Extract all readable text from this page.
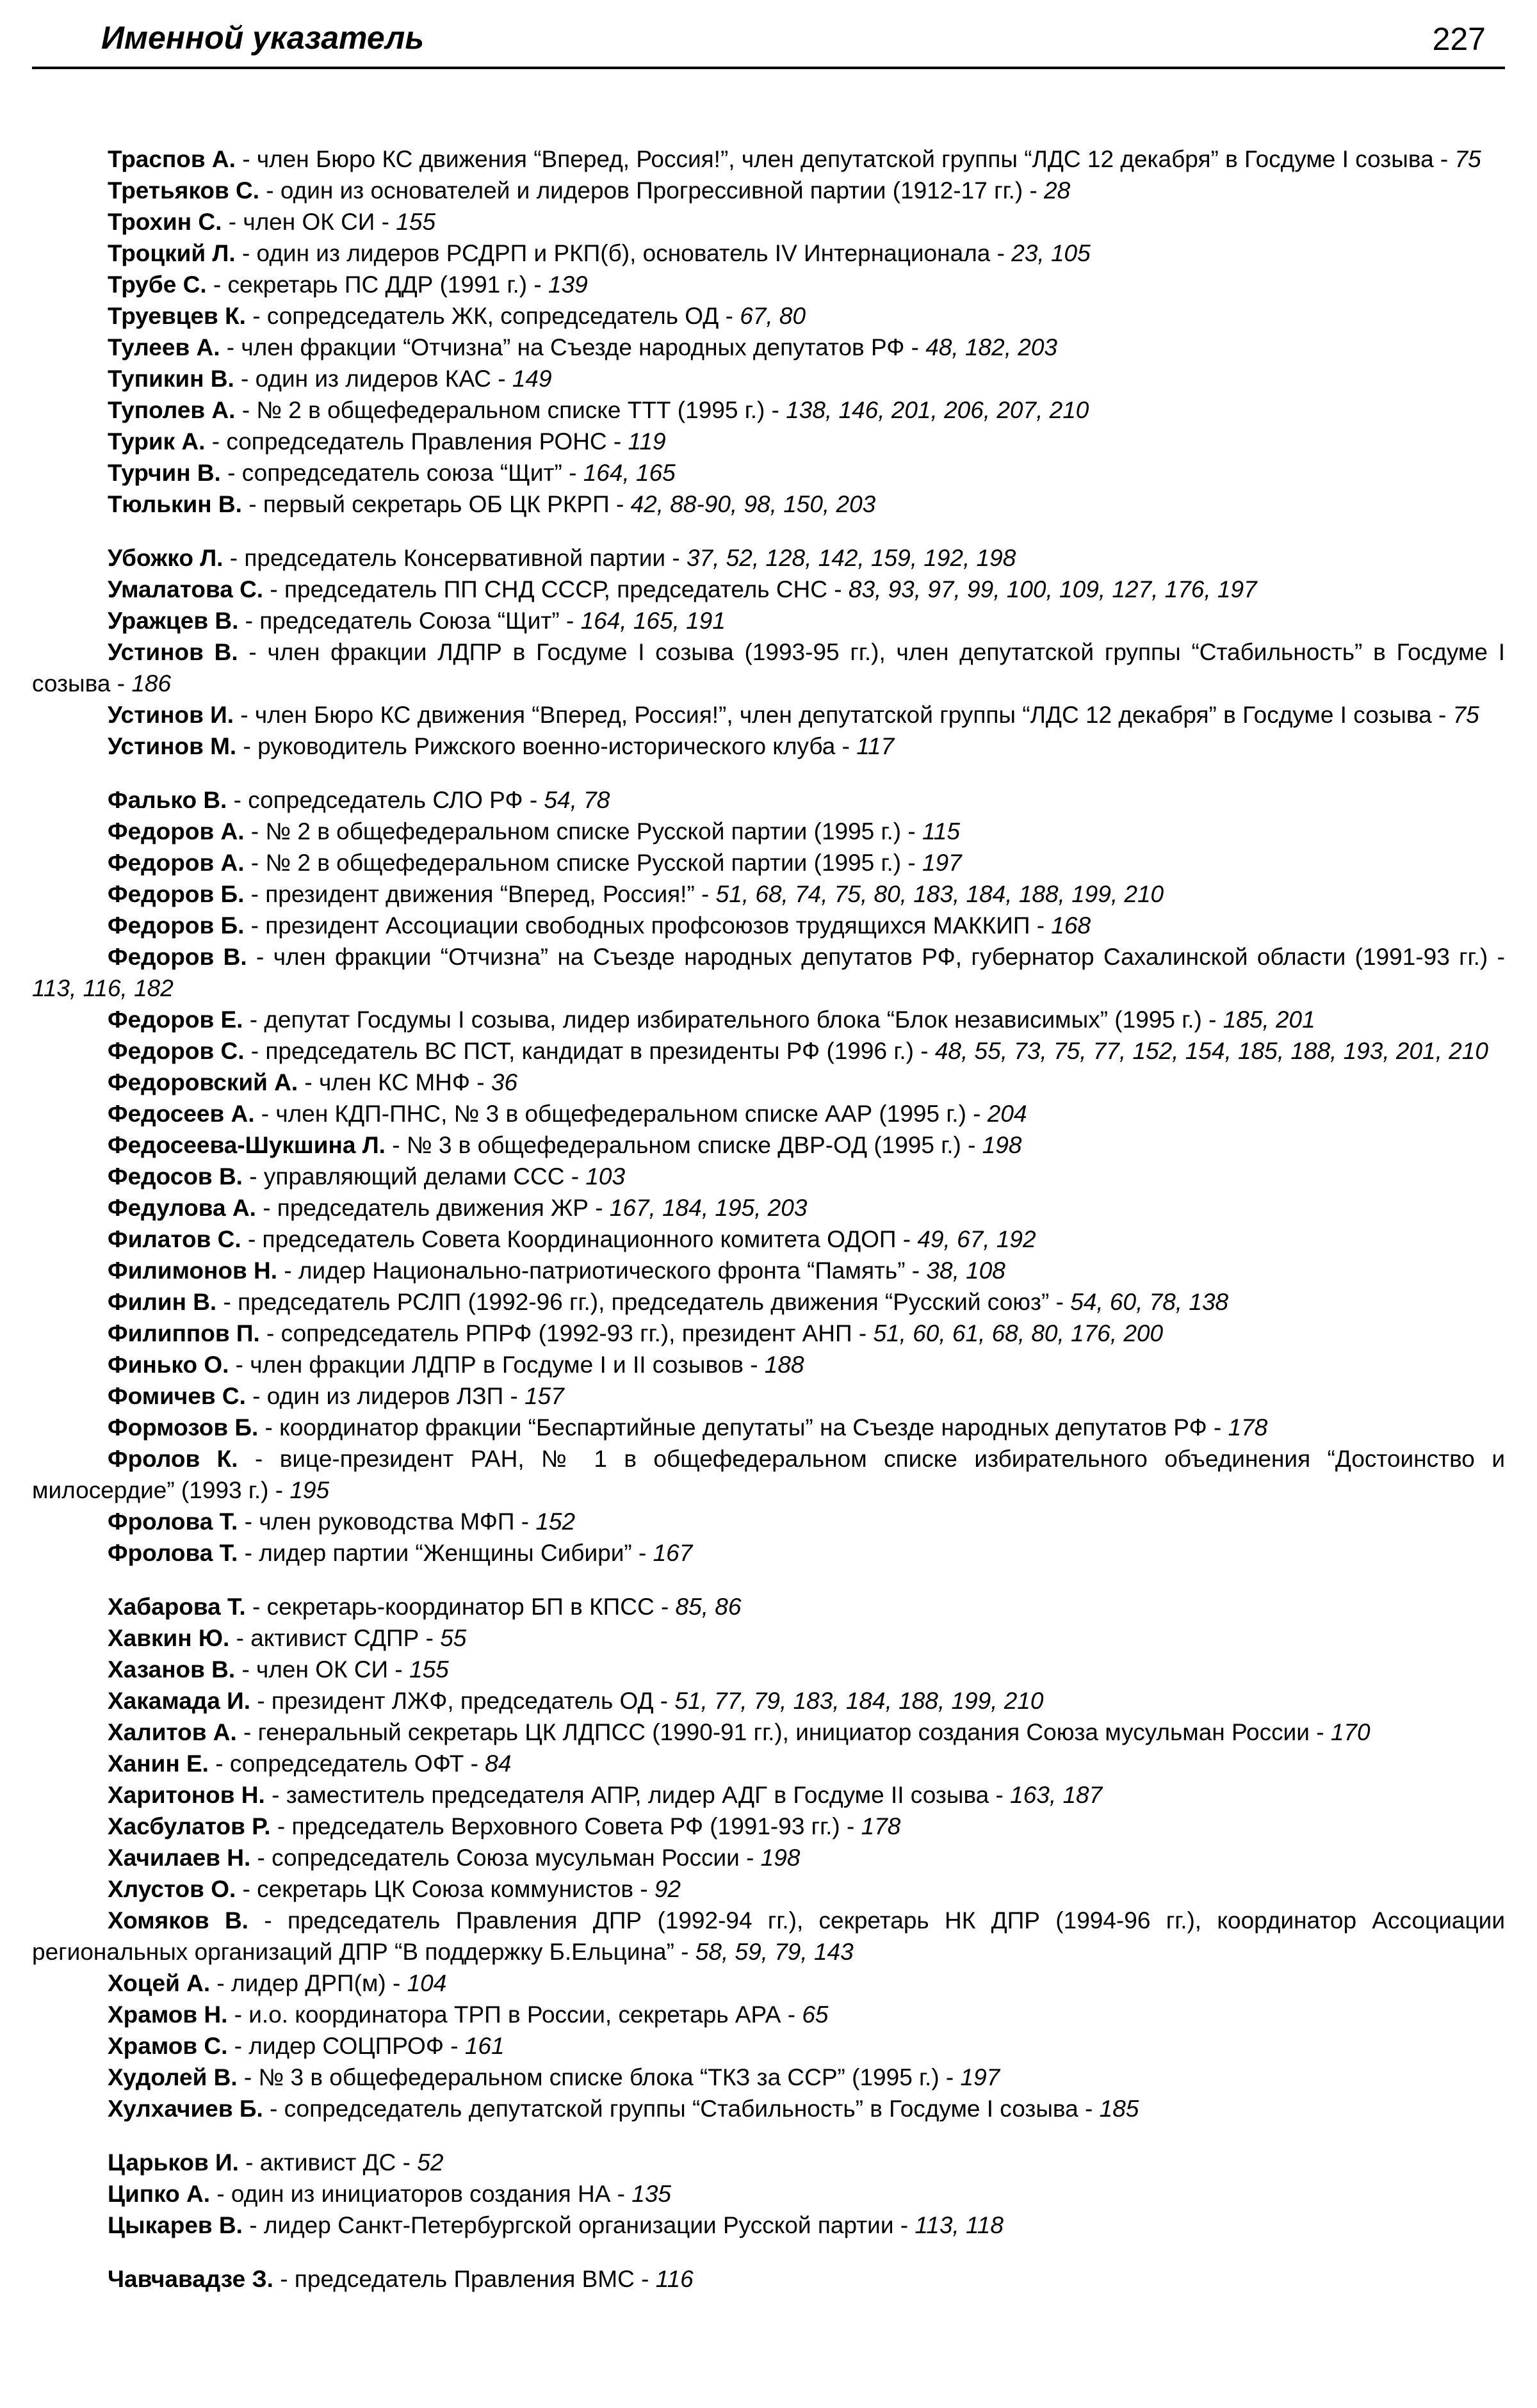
Именной указатель	227

Траспов А. - член Бюро КС движения “Вперед, Россия!”, член депутатской группы “ЛДС 12 декабря” в Госдуме I созыва - 75

Третьяков С. - один из основателей и лидеров Прогрессивной партии (1912-17 гг.) - 28

Трохин С. - член ОК СИ - 155

Троцкий Л. - один из лидеров РСДРП и РКП(б), основатель IV Интернационала - 23, 105

Трубе С. - секретарь ПС ДДР (1991 г.) - 139

Труевцев К. - сопредседатель ЖК, сопредседатель ОД - 67, 80

Тулеев А. - член фракции “Отчизна” на Съезде народных депутатов РФ - 48, 182, 203

Тупикин В. - один из лидеров КАС - 149

Туполев А. - № 2 в общефедеральном списке ТТТ (1995 г.) - 138, 146, 201, 206, 207, 210

Турик А. - сопредседатель Правления РОНС - 119

Турчин В. - сопредседатель союза “Щит” - 164, 165

Тюлькин В. - первый секретарь ОБ ЦК РКРП - 42, 88-90, 98, 150, 203

Убожко Л. - председатель Консервативной партии - 37, 52, 128, 142, 159, 192, 198

Умалатова С. - председатель ПП СНД СССР, председатель СНС - 83, 93, 97, 99, 100, 109, 127, 176, 197

Уражцев В. - председатель Союза “Щит” - 164, 165, 191

Устинов В. - член фракции ЛДПР в Госдуме I созыва (1993-95 гг.), член депутатской группы “Стабильность” в Госдуме I созыва - 186

Устинов И. - член Бюро КС движения “Вперед, Россия!”, член депутатской группы “ЛДС 12 декабря” в Госдуме I созыва - 75

Устинов М. - руководитель Рижского военно-исторического клуба - 117

Фалько В. - сопредседатель СЛО РФ - 54, 78

Федоров А. - № 2 в общефедеральном списке Русской партии (1995 г.) - 115

Федоров А. - № 2 в общефедеральном списке Русской партии (1995 г.) - 197

Федоров Б. - президент движения “Вперед, Россия!” - 51, 68, 74, 75, 80, 183, 184, 188, 199, 210

Федоров Б. - президент Ассоциации свободных профсоюзов трудящихся МАККИП - 168

Федоров В. - член фракции “Отчизна” на Съезде народных депутатов РФ, губернатор Сахалинской области (1991-93 гг.) - 113, 116, 182

Федоров Е. - депутат Госдумы I созыва, лидер избирательного блока “Блок независимых” (1995 г.) - 185, 201

Федоров С. - председатель ВС ПСТ, кандидат в президенты РФ (1996 г.) - 48, 55, 73, 75, 77, 152, 154, 185, 188, 193, 201, 210

Федоровский А. - член КС МНФ - 36

Федосеев А. - член КДП-ПНС, № 3 в общефедеральном списке ААР (1995 г.) - 204

Федосеева-Шукшина Л. - № 3 в общефедеральном списке ДВР-ОД (1995 г.) - 198

Федосов В. - управляющий делами ССС - 103

Федулова А. - председатель движения ЖР - 167, 184, 195, 203

Филатов С. - председатель Совета Координационного комитета ОДОП - 49, 67, 192

Филимонов Н. - лидер Национально-патриотического фронта “Память” - 38, 108

Филин В. - председатель РСЛП (1992-96 гг.), председатель движения “Русский союз” - 54, 60, 78, 138

Филиппов П. - сопредседатель РПРФ (1992-93 гг.), президент АНП - 51, 60, 61, 68, 80, 176, 200

Финько О. - член фракции ЛДПР в Госдуме I и II созывов - 188

Фомичев С. - один из лидеров ЛЗП - 157

Формозов Б. - координатор фракции “Беспартийные депутаты” на Съезде народных депутатов РФ - 178

Фролов К. - вице-президент РАН, № 1 в общефедеральном списке избирательного объединения “Достоинство и милосердие” (1993 г.) - 195

Фролова Т. - член руководства МФП - 152

Фролова Т. - лидер партии “Женщины Сибири” - 167

Хабарова Т. - секретарь-координатор БП в КПСС - 85, 86

Хавкин Ю. - активист СДПР - 55

Хазанов В. - член ОК СИ - 155

Хакамада И. - президент ЛЖФ, председатель ОД - 51, 77, 79, 183, 184, 188, 199, 210

Халитов А. - генеральный секретарь ЦК ЛДПСС (1990-91 гг.), инициатор создания Союза мусульман России - 170

Ханин Е. - сопредседатель ОФТ - 84

Харитонов Н. - заместитель председателя АПР, лидер АДГ в Госдуме II созыва - 163, 187

Хасбулатов Р. - председатель Верховного Совета РФ (1991-93 гг.) - 178

Хачилаев Н. - сопредседатель Союза мусульман России - 198

Хлустов О. - секретарь ЦК Союза коммунистов - 92

Хомяков В. - председатель Правления ДПР (1992-94 гг.), секретарь НК ДПР (1994-96 гг.), координатор Ассоциации региональных организаций ДПР “В поддержку Б.Ельцина” - 58, 59, 79, 143

Хоцей А. - лидер ДРП(м) - 104

Храмов Н. - и.о. координатора ТРП в России, секретарь АРА - 65

Храмов С. - лидер СОЦПРОФ - 161

Худолей В. - № 3 в общефедеральном списке блока “ТКЗ за ССР” (1995 г.) - 197

Хулхачиев Б. - сопредседатель депутатской группы “Стабильность” в Госдуме I созыва - 185

Царьков И. - активист ДС - 52

Ципко А. - один из инициаторов создания НА - 135

Цыкарев В. - лидер Санкт-Петербургской организации Русской партии - 113, 118

Чавчавадзе З. - председатель Правления ВМС - 116
